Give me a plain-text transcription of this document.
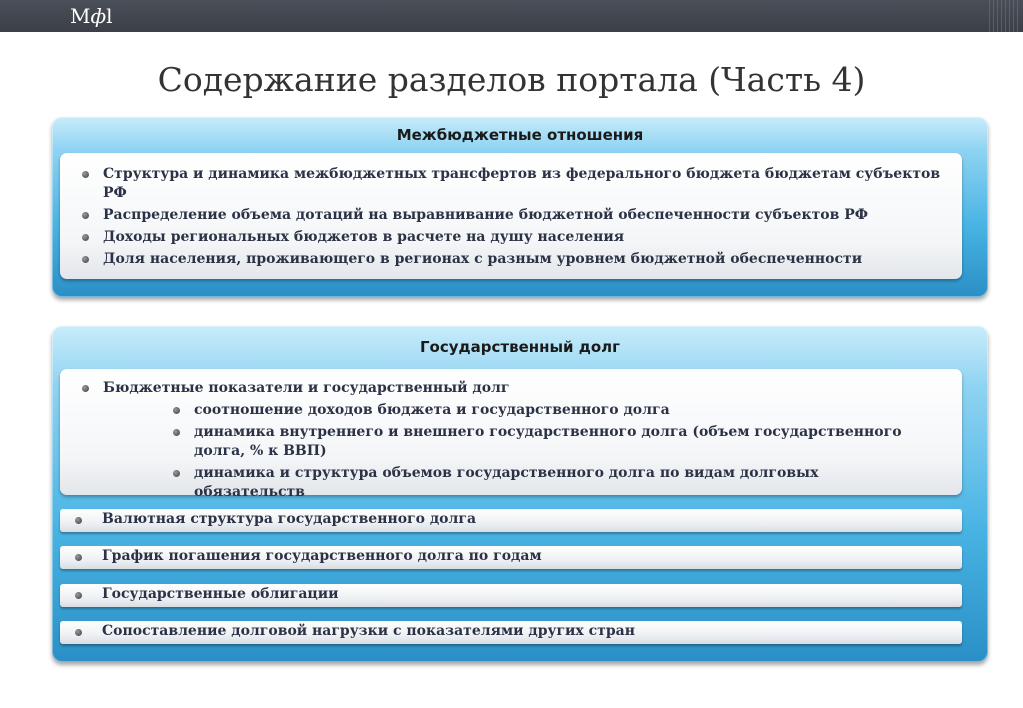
Мфl
Содержание разделов портала (Часть 4)
Межбюджетные отношения
Структура и динамика межбюджетных трансфертов из федерального бюджета бюджетам субъектов РФ
Распределение объема дотаций на выравнивание бюджетной обеспеченности субъектов РФ
Доходы региональных бюджетов в расчете на душу населения
Доля населения, проживающего в регионах с разным уровнем бюджетной обеспеченности
Государственный долг
Бюджетные показатели и государственный долг
соотношение доходов бюджета и государственного долга
динамика внутреннего и внешнего государственного долга (объем государственного долга, % к ВВП)
динамика и структура объемов государственного долга по видам долговых обязательств
Валютная структура государственного долга
График погашения государственного долга по годам
Государственные облигации
Сопоставление долговой нагрузки с показателями других стран
